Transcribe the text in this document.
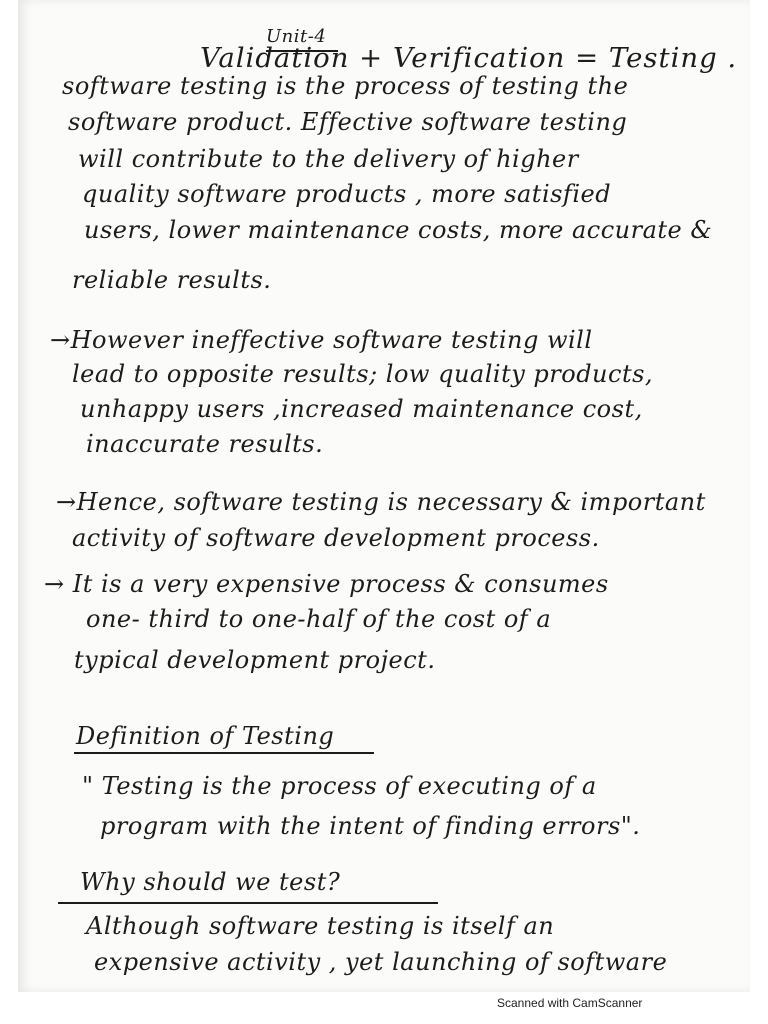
Unit-4
Validation + Verification = Testing .
software testing is the process of testing the
software product. Effective software testing
will contribute to the delivery of higher
quality software products , more satisfied
users, lower maintenance costs, more accurate &
reliable results.
→However ineffective software testing will
lead to opposite results; low quality products,
unhappy users ,increased maintenance cost,
inaccurate results.
→Hence, software testing is necessary & important
activity of software development process.
→ It is a very expensive process & consumes
one- third to one-half of the cost of a
typical development project.
Definition of Testing
" Testing is the process of executing of a
program with the intent of finding errors".
Why should we test?
Although software testing is itself an
expensive activity , yet launching of software
Scanned with CamScanner
